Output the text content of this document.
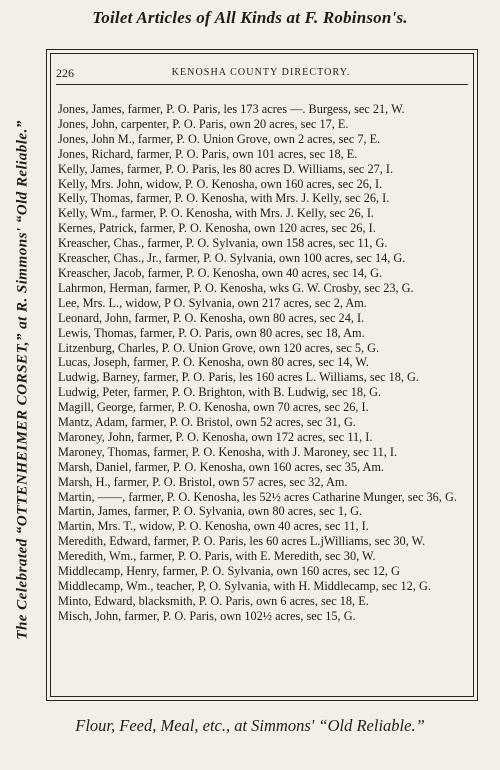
Toilet Articles of All Kinds at F. Robinson's.
The Celebrated “OTTENHEIMER CORSET,” at R. Simmons' “Old Reliable.”
226	KENOSHA COUNTY DIRECTORY.
Jones, James, farmer, P. O. Paris, les 173 acres —. Burgess, sec 21, W.
Jones, John, carpenter, P. O. Paris, own 20 acres, sec 17, E.
Jones, John M., farmer, P. O. Union Grove, own 2 acres, sec 7, E.
Jones, Richard, farmer, P. O. Paris, own 101 acres, sec 18, E.
Kelly, James, farmer, P. O. Paris, les 80 acres D. Williams, sec 27, I.
Kelly, Mrs. John, widow, P. O. Kenosha, own 160 acres, sec 26, I.
Kelly, Thomas, farmer, P. O. Kenosha, with Mrs. J. Kelly, sec 26, I.
Kelly, Wm., farmer, P. O. Kenosha, with Mrs. J. Kelly, sec 26, I.
Kernes, Patrick, farmer, P. O. Kenosha, own 120 acres, sec 26, I.
Kreascher, Chas., farmer, P. O. Sylvania, own 158 acres, sec 11, G.
Kreascher, Chas., Jr., farmer, P. O. Sylvania, own 100 acres, sec 14, G.
Kreascher, Jacob, farmer, P. O. Kenosha, own 40 acres, sec 14, G.
Lahrmon, Herman, farmer, P. O. Kenosha, wks G. W. Crosby, sec 23, G.
Lee, Mrs. L., widow, P O. Sylvania, own 217 acres, sec 2, Am.
Leonard, John, farmer, P. O. Kenosha, own 80 acres, sec 24, I.
Lewis, Thomas, farmer, P. O. Paris, own 80 acres, sec 18, Am.
Litzenburg, Charles, P. O. Union Grove, own 120 acres, sec 5, G.
Lucas, Joseph, farmer, P. O. Kenosha, own 80 acres, sec 14, W.
Ludwig, Barney, farmer, P. O. Paris, les 160 acres L. Williams, sec 18, G.
Ludwig, Peter, farmer, P. O. Brighton, with B. Ludwig, sec 18, G.
Magill, George, farmer, P. O. Kenosha, own 70 acres, sec 26, I.
Mantz, Adam, farmer, P. O. Bristol, own 52 acres, sec 31, G.
Maroney, John, farmer, P. O. Kenosha, own 172 acres, sec 11, I.
Maroney, Thomas, farmer, P. O. Kenosha, with J. Maroney, sec 11, I.
Marsh, Daniel, farmer, P. O. Kenosha, own 160 acres, sec 35, Am.
Marsh, H., farmer, P. O. Bristol, own 57 acres, sec 32, Am.
Martin, ——, farmer, P. O. Kenosha, les 52½ acres Catharine Munger, sec 36, G.
Martin, James, farmer, P. O. Sylvania, own 80 acres, sec 1, G.
Martin, Mrs. T., widow, P. O. Kenosha, own 40 acres, sec 11, I.
Meredith, Edward, farmer, P. O. Paris, les 60 acres L.jWilliams, sec 30, W.
Meredith, Wm., farmer, P. O. Paris, with E. Meredith, sec 30, W.
Middlecamp, Henry, farmer, P. O. Sylvania, own 160 acres, sec 12, G
Middlecamp, Wm., teacher, P, O. Sylvania, with H. Middlecamp, sec 12, G.
Minto, Edward, blacksmith, P. O. Paris, own 6 acres, sec 18, E.
Misch, John, farmer, P. O. Paris, own 102½ acres, sec 15, G.
Flour, Feed, Meal, etc., at Simmons' “Old Reliable.”
